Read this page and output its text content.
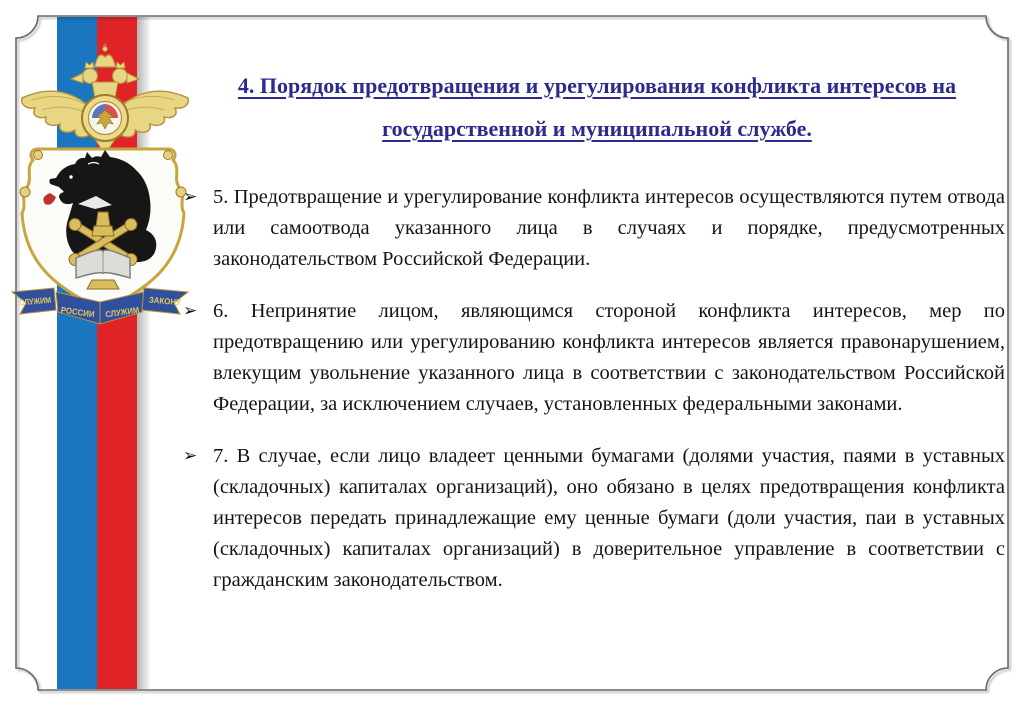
СЛУЖИМ
РОССИИ СЛУЖИМ
ЗАКОНУ
4. Порядок предотвращения и урегулирования конфликта интересов на
государственной и муниципальной службе.
➢ 5. Предотвращение и урегулирование конфликта интересов осуществляются путем отвода или самоотвода указанного лица в случаях и порядке, предусмотренных законодательством Российской Федерации.
➢ 6. Непринятие лицом, являющимся стороной конфликта интересов, мер по предотвращению или урегулированию конфликта интересов является правонарушением, влекущим увольнение указанного лица в соответствии с законодательством Российской Федерации, за исключением случаев, установленных федеральными законами.
➢ 7. В случае, если лицо владеет ценными бумагами (долями участия, паями в уставных (складочных) капиталах организаций), оно обязано в целях предотвращения конфликта интересов передать принадлежащие ему ценные бумаги (доли участия, паи в уставных (складочных) капиталах организаций) в доверительное управление в соответствии с гражданским законодательством.
